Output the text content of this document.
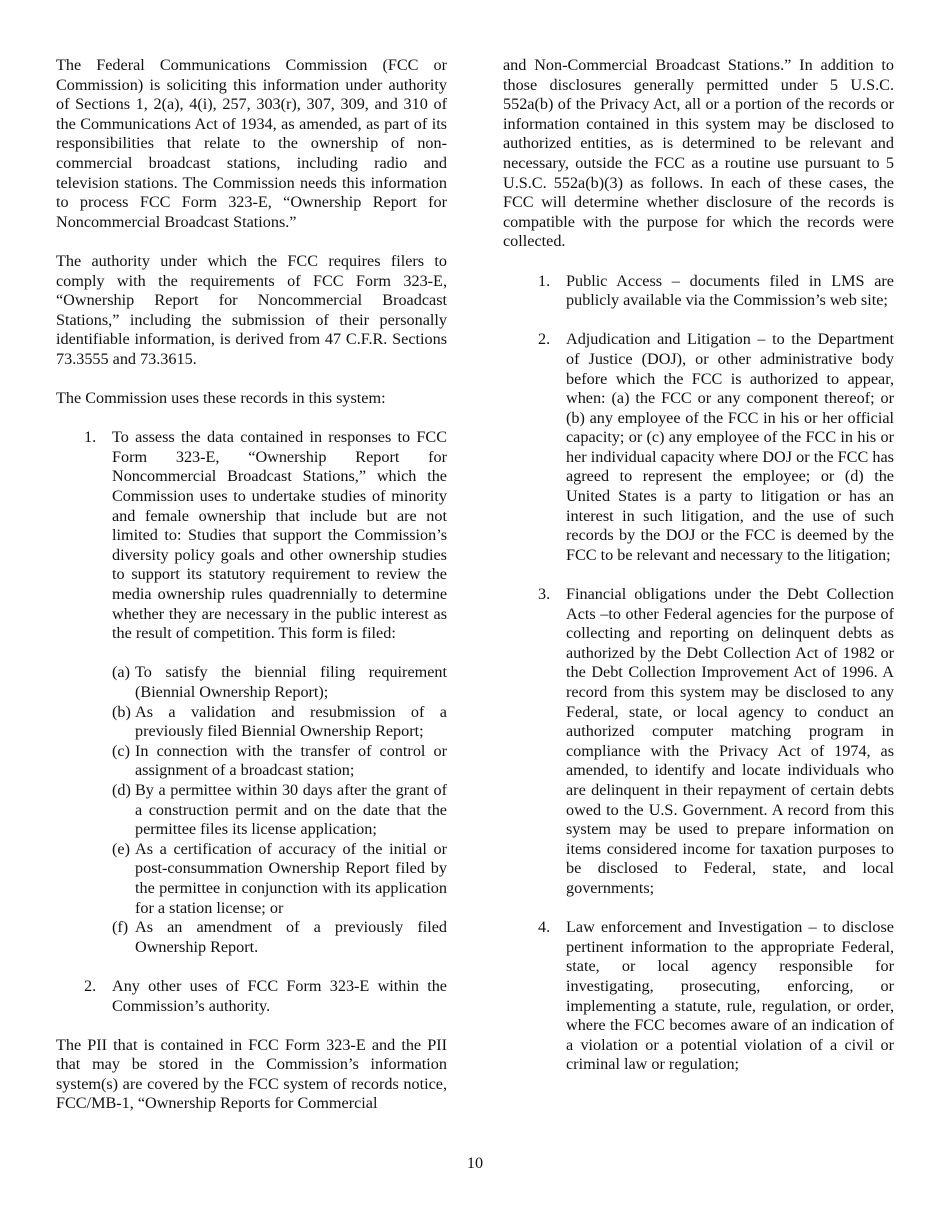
The Federal Communications Commission (FCC or Commission) is soliciting this information under authority of Sections 1, 2(a), 4(i), 257, 303(r), 307, 309, and 310 of the Communications Act of 1934, as amended, as part of its responsibilities that relate to the ownership of non-commercial broadcast stations, including radio and television stations. The Commission needs this information to process FCC Form 323-E, “Ownership Report for Noncommercial Broadcast Stations.”

The authority under which the FCC requires filers to comply with the requirements of FCC Form 323-E, “Ownership Report for Noncommercial Broadcast Stations,” including the submission of their personally identifiable information, is derived from 47 C.F.R. Sections 73.3555 and 73.3615.

The Commission uses these records in this system:

1. To assess the data contained in responses to FCC Form 323-E, “Ownership Report for Noncommercial Broadcast Stations,” which the Commission uses to undertake studies of minority and female ownership that include but are not limited to: Studies that support the Commission’s diversity policy goals and other ownership studies to support its statutory requirement to review the media ownership rules quadrennially to determine whether they are necessary in the public interest as the result of competition. This form is filed:
(a) To satisfy the biennial filing requirement (Biennial Ownership Report);
(b) As a validation and resubmission of a previously filed Biennial Ownership Report;
(c) In connection with the transfer of control or assignment of a broadcast station;
(d) By a permittee within 30 days after the grant of a construction permit and on the date that the permittee files its license application;
(e) As a certification of accuracy of the initial or post-consummation Ownership Report filed by the permittee in conjunction with its application for a station license; or
(f) As an amendment of a previously filed Ownership Report.
2. Any other uses of FCC Form 323-E within the Commission’s authority.

The PII that is contained in FCC Form 323-E and the PII that may be stored in the Commission’s information system(s) are covered by the FCC system of records notice, FCC/MB-1, “Ownership Reports for Commercial

and Non-Commercial Broadcast Stations.” In addition to those disclosures generally permitted under 5 U.S.C. 552a(b) of the Privacy Act, all or a portion of the records or information contained in this system may be disclosed to authorized entities, as is determined to be relevant and necessary, outside the FCC as a routine use pursuant to 5 U.S.C. 552a(b)(3) as follows. In each of these cases, the FCC will determine whether disclosure of the records is compatible with the purpose for which the records were collected.

1. Public Access – documents filed in LMS are publicly available via the Commission’s web site;
2. Adjudication and Litigation – to the Department of Justice (DOJ), or other administrative body before which the FCC is authorized to appear, when: (a) the FCC or any component thereof; or (b) any employee of the FCC in his or her official capacity; or (c) any employee of the FCC in his or her individual capacity where DOJ or the FCC has agreed to represent the employee; or (d) the United States is a party to litigation or has an interest in such litigation, and the use of such records by the DOJ or the FCC is deemed by the FCC to be relevant and necessary to the litigation;
3. Financial obligations under the Debt Collection Acts –to other Federal agencies for the purpose of collecting and reporting on delinquent debts as authorized by the Debt Collection Act of 1982 or the Debt Collection Improvement Act of 1996. A record from this system may be disclosed to any Federal, state, or local agency to conduct an authorized computer matching program in compliance with the Privacy Act of 1974, as amended, to identify and locate individuals who are delinquent in their repayment of certain debts owed to the U.S. Government. A record from this system may be used to prepare information on items considered income for taxation purposes to be disclosed to Federal, state, and local governments;
4. Law enforcement and Investigation – to disclose pertinent information to the appropriate Federal, state, or local agency responsible for investigating, prosecuting, enforcing, or implementing a statute, rule, regulation, or order, where the FCC becomes aware of an indication of a violation or a potential violation of a civil or criminal law or regulation;
10
